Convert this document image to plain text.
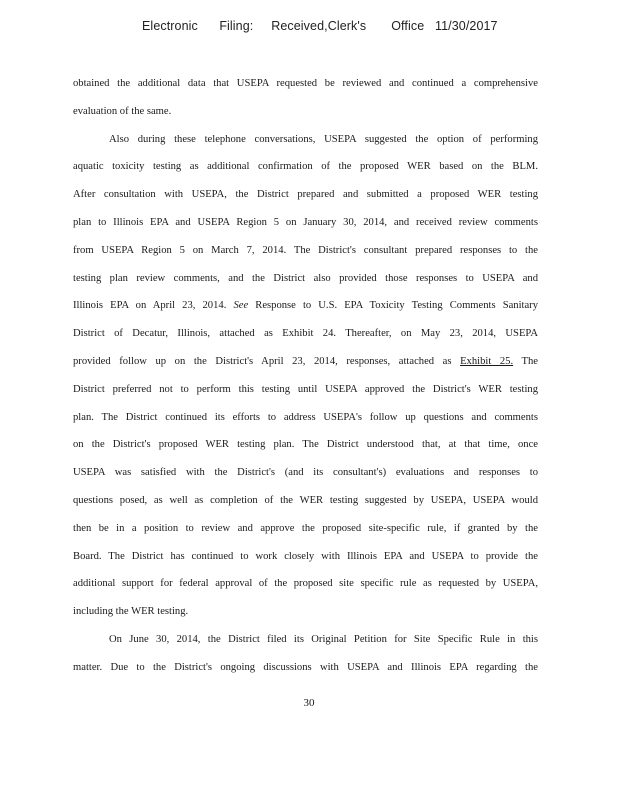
Electronic      Filing:     Received,Clerk's       Office   11/30/2017
obtained the additional data that USEPA requested be reviewed and continued a comprehensive
evaluation of the same.
Also during these telephone conversations, USEPA suggested the option of performing
aquatic toxicity testing as additional confirmation of the proposed WER based on the BLM.
After consultation with USEPA, the District prepared and submitted a proposed WER testing
plan to Illinois EPA and USEPA Region 5 on January 30, 2014, and received review comments
from USEPA Region 5 on March 7, 2014. The District's consultant prepared responses to the
testing plan review comments, and the District also provided those responses to USEPA and
Illinois EPA on April 23, 2014. See Response to U.S. EPA Toxicity Testing Comments Sanitary
District of Decatur, Illinois, attached as Exhibit 24. Thereafter, on May 23, 2014, USEPA
provided follow up on the District's April 23, 2014, responses, attached as Exhibit 25. The
District preferred not to perform this testing until USEPA approved the District's WER testing
plan. The District continued its efforts to address USEPA's follow up questions and comments
on the District's proposed WER testing plan. The District understood that, at that time, once
USEPA was satisfied with the District's (and its consultant's) evaluations and responses to
questions posed, as well as completion of the WER testing suggested by USEPA, USEPA would
then be in a position to review and approve the proposed site-specific rule, if granted by the
Board. The District has continued to work closely with Illinois EPA and USEPA to provide the
additional support for federal approval of the proposed site specific rule as requested by USEPA,
including the WER testing.
On June 30, 2014, the District filed its Original Petition for Site Specific Rule in this
matter. Due to the District's ongoing discussions with USEPA and Illinois EPA regarding the
30
